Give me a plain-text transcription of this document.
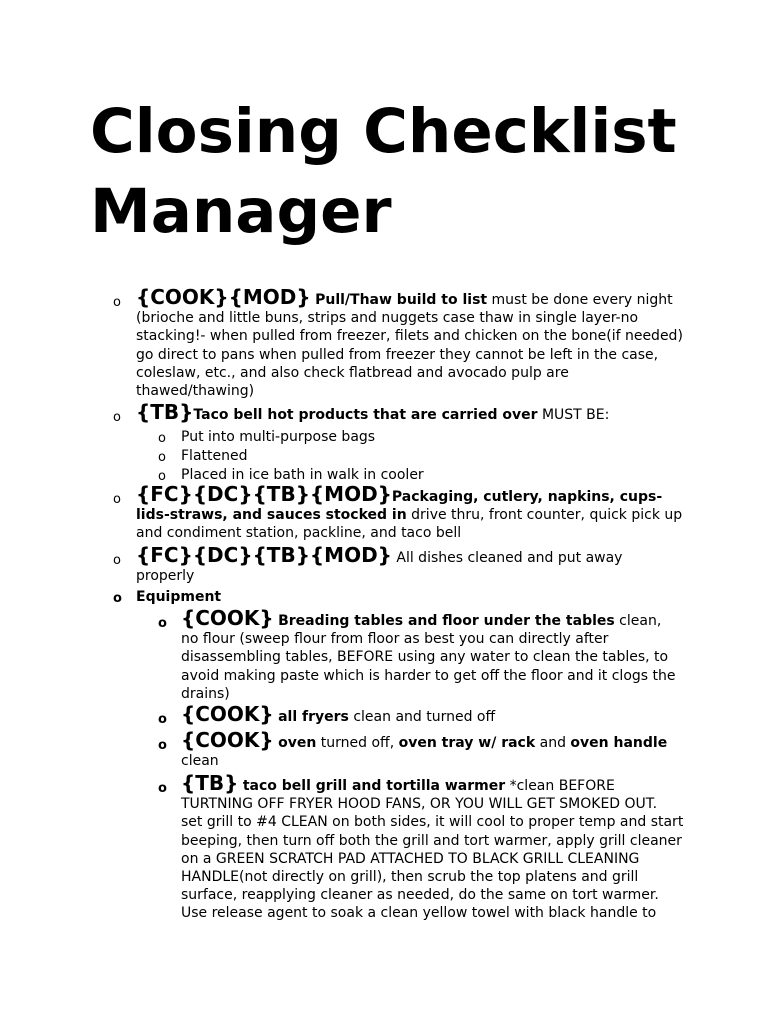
Closing Checklist
Manager
o {COOK}{MOD} Pull/Thaw build to list must be done every night
(brioche and little buns, strips and nuggets case thaw in single layer-no
stacking!- when pulled from freezer, filets and chicken on the bone(if needed)
go direct to pans when pulled from freezer they cannot be left in the case,
coleslaw, etc., and also check flatbread and avocado pulp are
thawed/thawing)
o {TB}Taco bell hot products that are carried over MUST BE:
o Put into multi-purpose bags
o Flattened
o Placed in ice bath in walk in cooler
o {FC}{DC}{TB}{MOD}Packaging, cutlery, napkins, cups-
lids-straws, and sauces stocked in drive thru, front counter, quick pick up
and condiment station, packline, and taco bell
o {FC}{DC}{TB}{MOD} All dishes cleaned and put away
properly
o Equipment
o {COOK} Breading tables and floor under the tables clean,
no flour (sweep flour from floor as best you can directly after
disassembling tables, BEFORE using any water to clean the tables, to
avoid making paste which is harder to get off the floor and it clogs the
drains)
o {COOK} all fryers clean and turned off
o {COOK} oven turned off, oven tray w/ rack and oven handle
clean
o {TB} taco bell grill and tortilla warmer *clean BEFORE
TURTNING OFF FRYER HOOD FANS, OR YOU WILL GET SMOKED OUT.
set grill to #4 CLEAN on both sides, it will cool to proper temp and start
beeping, then turn off both the grill and tort warmer, apply grill cleaner
on a GREEN SCRATCH PAD ATTACHED TO BLACK GRILL CLEANING
HANDLE(not directly on grill), then scrub the top platens and grill
surface, reapplying cleaner as needed, do the same on tort warmer.
Use release agent to soak a clean yellow towel with black handle to
